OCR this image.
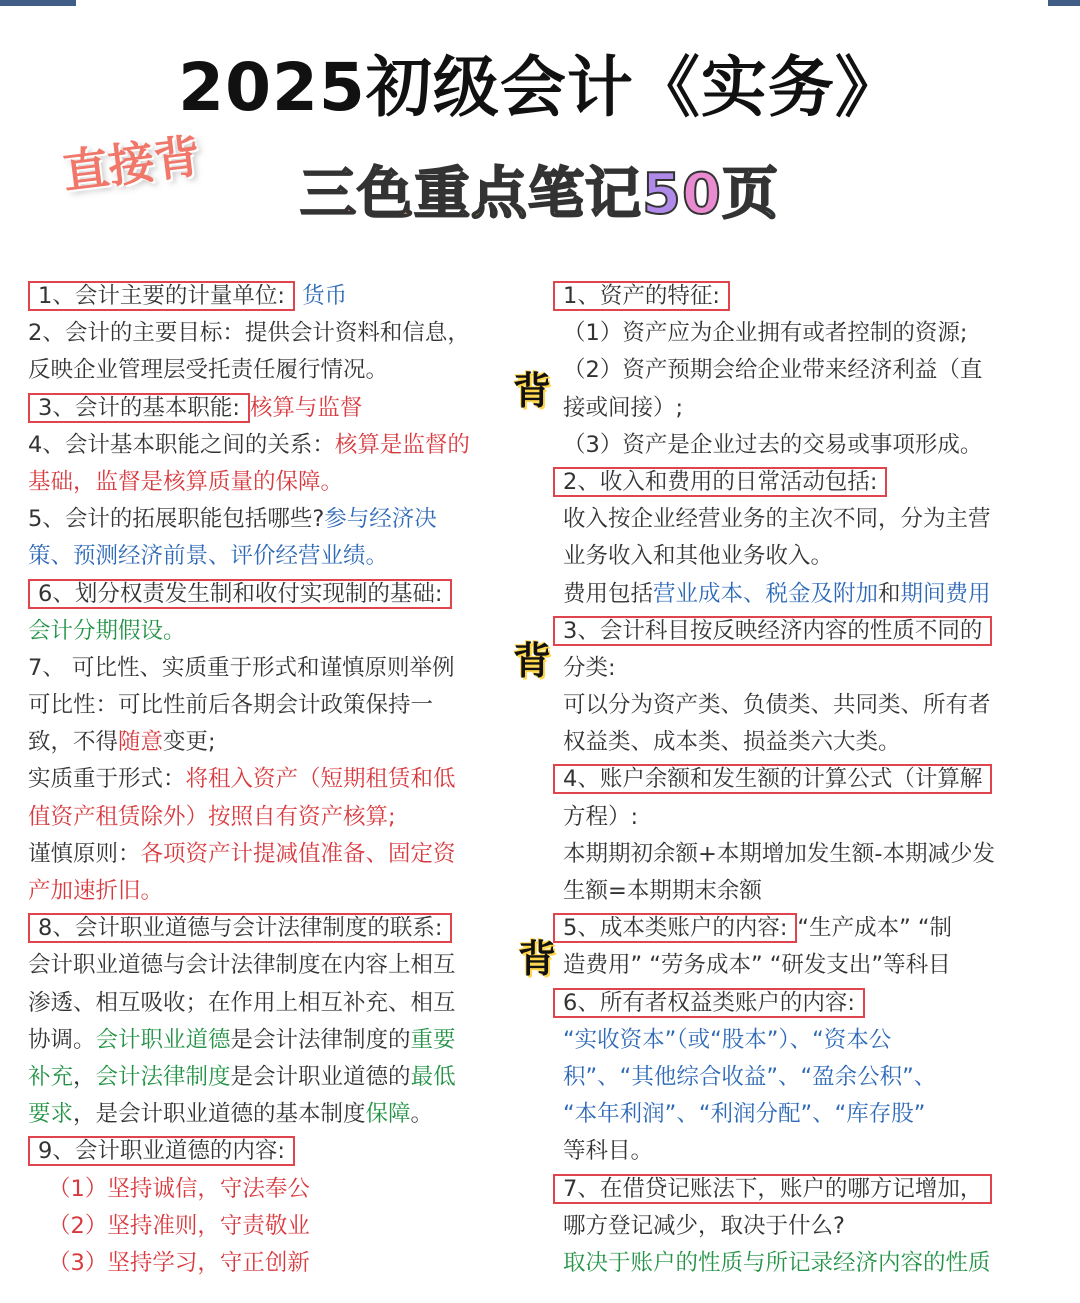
2025初级会计《实务》
直接背 三色重点笔记50页
背
背
背
1、会计主要的计量单位: 货币
2、会计的主要目标：提供会计资料和信息，
反映企业管理层受托责任履行情况。
3、会计的基本职能: 核算与监督
4、会计基本职能之间的关系：核算是监督的
基础，监督是核算质量的保障。
5、会计的拓展职能包括哪些?参与经济决
策、预测经济前景、评价经营业绩。
6、划分权责发生制和收付实现制的基础:
会计分期假设。
7、 可比性、实质重于形式和谨慎原则举例
可比性：可比性前后各期会计政策保持一
致，不得随意变更;
实质重于形式：将租入资产（短期租赁和低
值资产租赁除外）按照自有资产核算;
谨慎原则：各项资产计提减值准备、固定资
产加速折旧。
8、会计职业道德与会计法律制度的联系:
会计职业道德与会计法律制度在内容上相互
渗透、相互吸收；在作用上相互补充、相互
协调。会计职业道德是会计法律制度的重要
补充，会计法律制度是会计职业道德的最低
要求，是会计职业道德的基本制度保障。
9、会计职业道德的内容:
（1）坚持诚信，守法奉公
（2）坚持准则，守责敬业
（3）坚持学习，守正创新
1、资产的特征:
（1）资产应为企业拥有或者控制的资源;
（2）资产预期会给企业带来经济利益（直
接或间接）;
（3）资产是企业过去的交易或事项形成。
2、收入和费用的日常活动包括:
收入按企业经营业务的主次不同，分为主营
业务收入和其他业务收入。
费用包括营业成本、税金及附加和期间费用
3、会计科目按反映经济内容的性质不同的
分类:
可以分为资产类、负债类、共同类、所有者
权益类、成本类、损益类六大类。
4、账户余额和发生额的计算公式（计算解
方程）:
本期期初余额+本期增加发生额-本期减少发
生额=本期期末余额
5、成本类账户的内容: “生产成本” “制
造费用” “劳务成本” “研发支出”等科目
6、所有者权益类账户的内容:
“实收资本”（或“股本”）、“资本公
积”、“其他综合收益”、“盈余公积”、
“本年利润”、“利润分配”、“库存股”
等科目。
7、在借贷记账法下，账户的哪方记增加，
哪方登记减少，取决于什么?
取决于账户的性质与所记录经济内容的性质
